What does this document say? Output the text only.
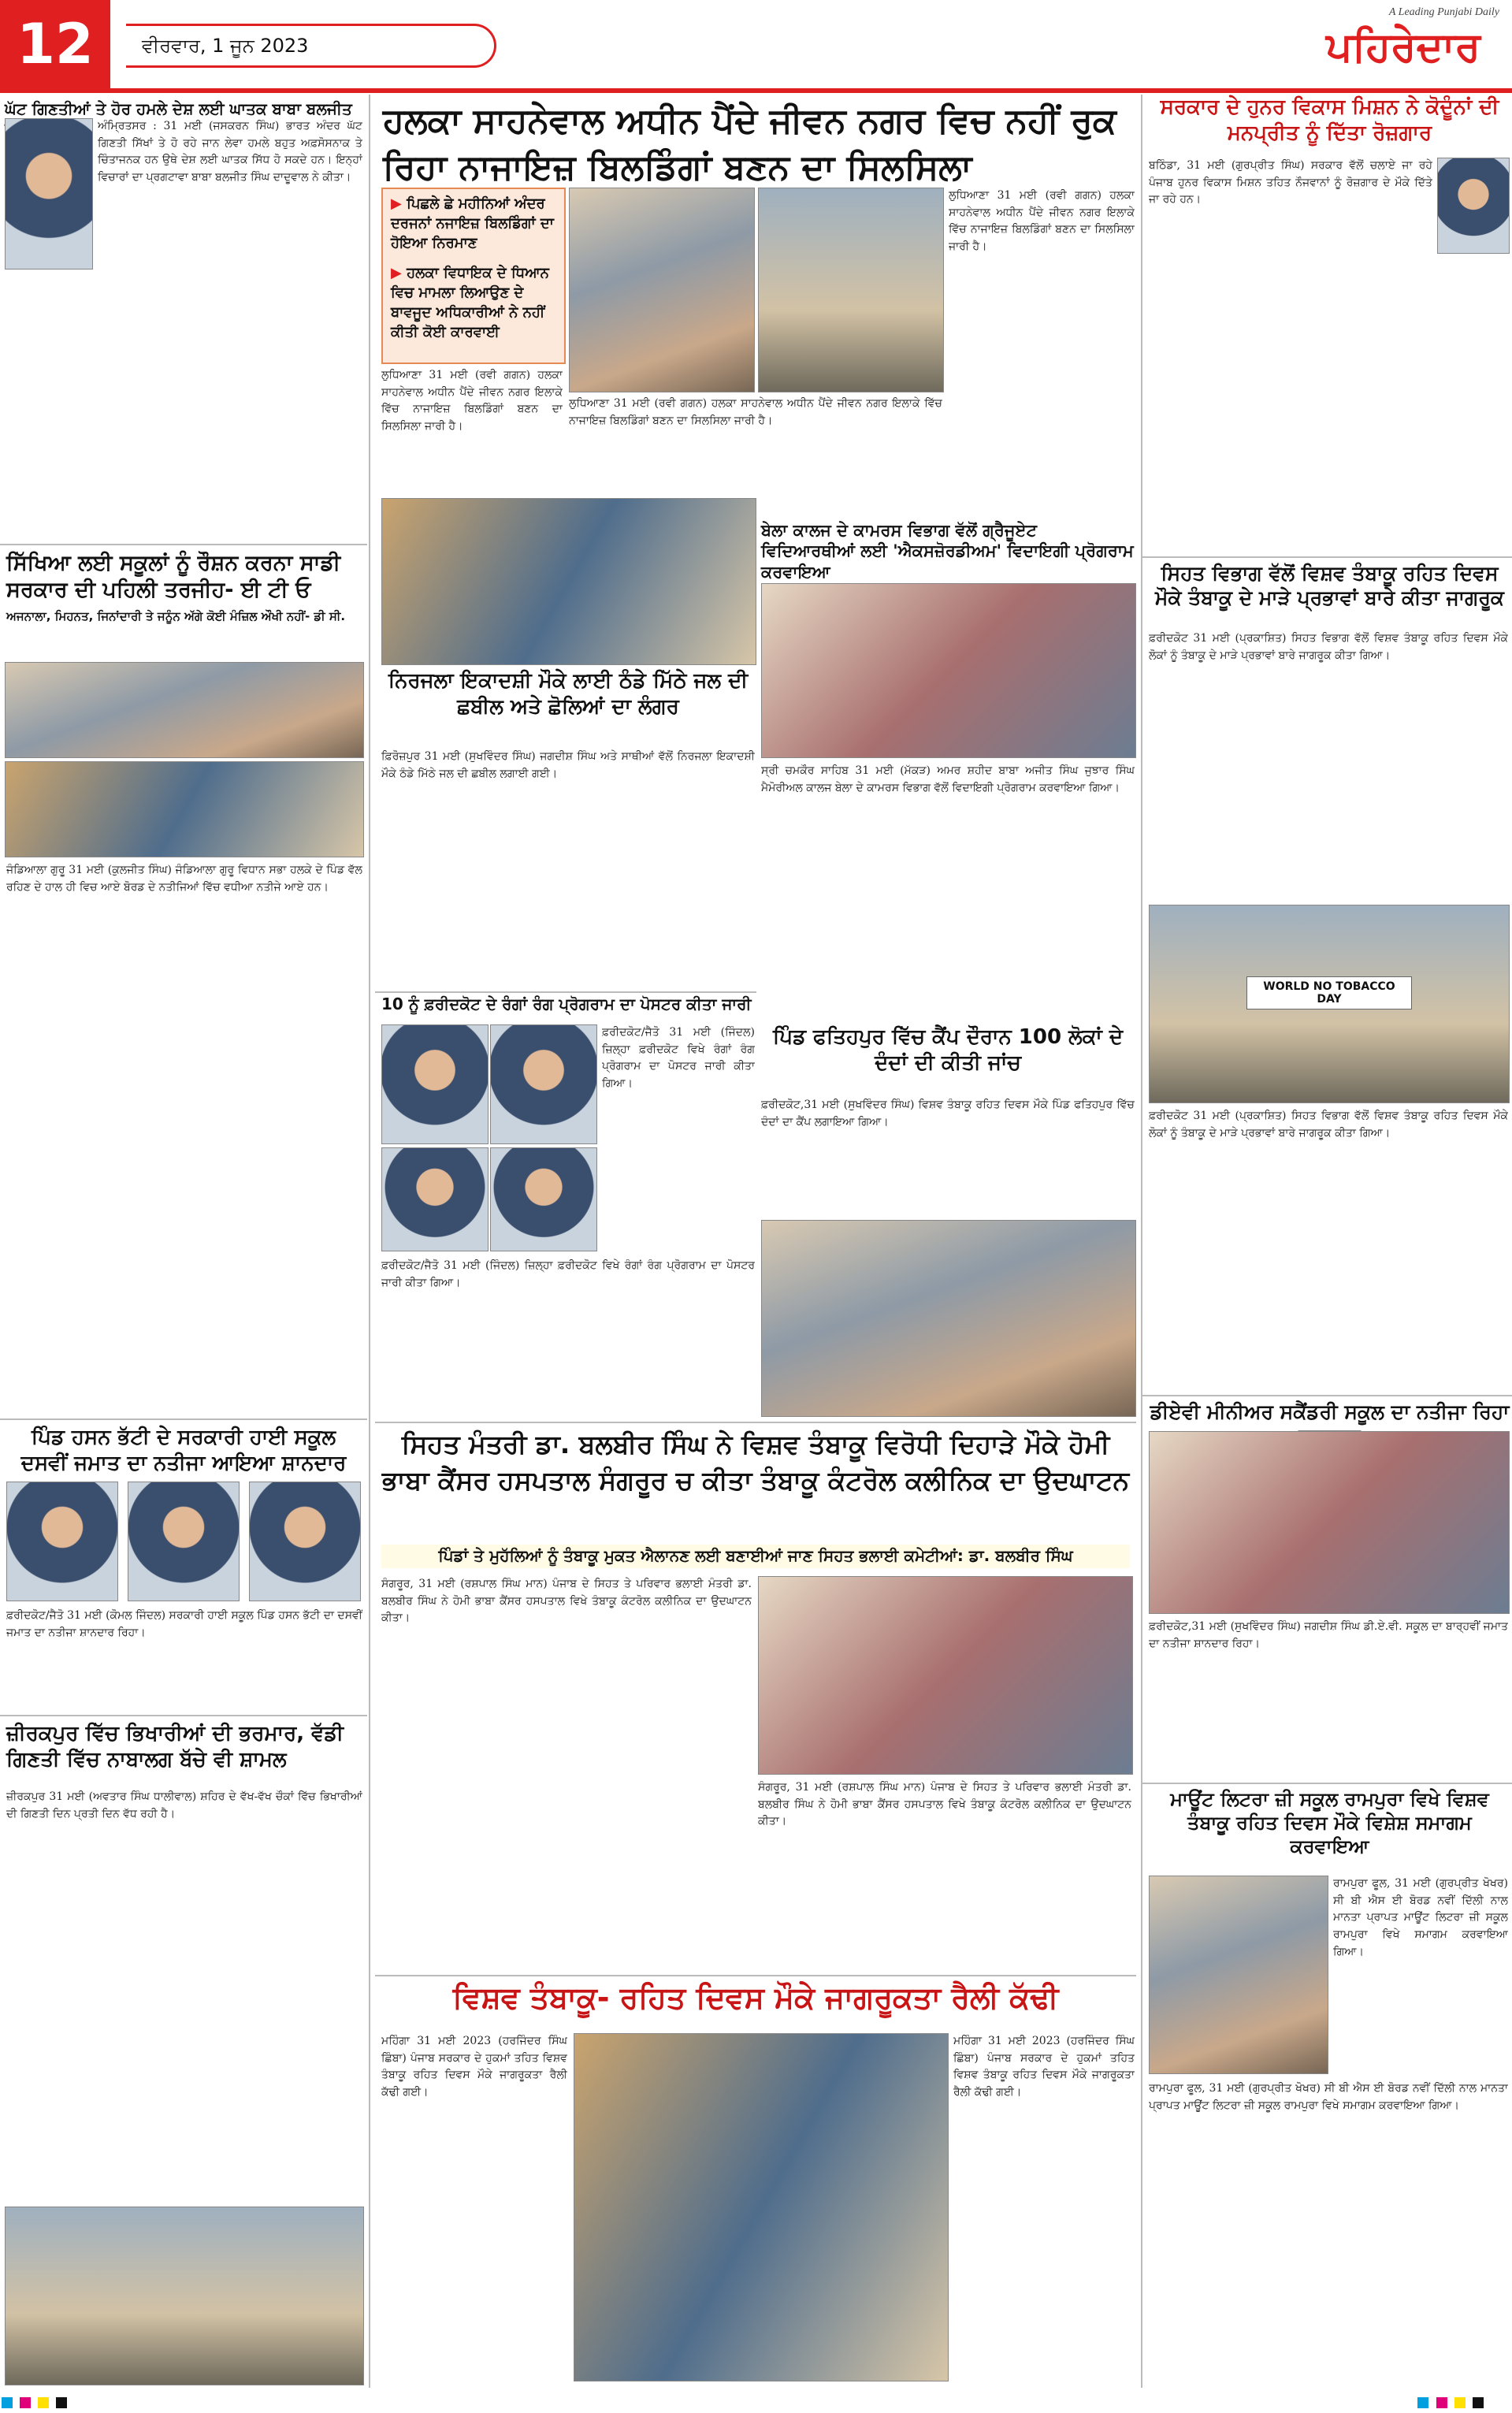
12	ਵੀਰਵਾਰ, 1 ਜੂਨ 2023
A Leading Punjabi Daily
ਪਹਿਰੇਦਾਰ
ਘੱਟ ਗਿਣਤੀਆਂ ਤੇ ਹੋਰ ਹਮਲੇ ਦੇਸ਼ ਲਈ ਘਾਤਕ ਬਾਬਾ ਬਲਜੀਤ
ਅੰਮ੍ਰਿਤਸਰ : 31 ਮਈ (ਜਸਕਰਨ ਸਿੰਘ) ਭਾਰਤ ਅੰਦਰ ਘੱਟ ਗਿਣਤੀ ਸਿੱਖਾਂ ਤੇ ਹੋ ਰਹੇ ਜਾਨ ਲੇਵਾ ਹਮਲੇ ਬਹੁਤ ਅਫ਼ਸੋਸਨਾਕ ਤੇ ਚਿੰਤਾਜਨਕ ਹਨ ਉਥੇ ਦੇਸ਼ ਲਈ ਘਾਤਕ ਸਿੱਧ ਹੋ ਸਕਦੇ ਹਨ। ਇਨ੍ਹਾਂ ਵਿਚਾਰਾਂ ਦਾ ਪ੍ਰਗਟਾਵਾ ਬਾਬਾ ਬਲਜੀਤ ਸਿੰਘ ਦਾਦੂਵਾਲ ਨੇ ਕੀਤਾ।
ਸਿੱਖਿਆ ਲਈ ਸਕੂਲਾਂ ਨੂੰ ਰੌਸ਼ਨ ਕਰਨਾ ਸਾਡੀ ਸਰਕਾਰ ਦੀ ਪਹਿਲੀ ਤਰਜੀਹ- ਈ ਟੀ ਓ
ਅਜਨਾਲਾ, ਮਿਹਨਤ, ਜਿਨਾਂਦਾਰੀ ਤੇ ਜਨੂੰਨ ਅੱਗੇ ਕੋਈ ਮੰਜ਼ਿਲ ਔਖੀ ਨਹੀਂ- ਡੀ ਸੀ.
ਜੰਡਿਆਲਾ ਗੁਰੂ 31 ਮਈ (ਕੁਲਜੀਤ ਸਿੰਘ) ਜੰਡਿਆਲਾ ਗੁਰੂ ਵਿਧਾਨ ਸਭਾ ਹਲਕੇ ਦੇ ਪਿੰਡ ਵੱਲ ਰਹਿਣ ਦੇ ਹਾਲ ਹੀ ਵਿਚ ਆਏ ਬੋਰਡ ਦੇ ਨਤੀਜਿਆਂ ਵਿੱਚ ਵਧੀਆ ਨਤੀਜੇ ਆਏ ਹਨ।
ਪਿੰਡ ਹਸਨ ਭੱਟੀ ਦੇ ਸਰਕਾਰੀ ਹਾਈ ਸਕੂਲ ਦਸਵੀਂ ਜਮਾਤ ਦਾ ਨਤੀਜਾ ਆਇਆ ਸ਼ਾਨਦਾਰ
ਫ਼ਰੀਦਕੋਟ/ਜੈਤੋ 31 ਮਈ (ਕੋਮਲ ਜਿੰਦਲ) ਸਰਕਾਰੀ ਹਾਈ ਸਕੂਲ ਪਿੰਡ ਹਸਨ ਭੱਟੀ ਦਾ ਦਸਵੀਂ ਜਮਾਤ ਦਾ ਨਤੀਜਾ ਸ਼ਾਨਦਾਰ ਰਿਹਾ।
ਜ਼ੀਰਕਪੁਰ ਵਿੱਚ ਭਿਖਾਰੀਆਂ ਦੀ ਭਰਮਾਰ, ਵੱਡੀ ਗਿਣਤੀ ਵਿੱਚ ਨਾਬਾਲਗ ਬੱਚੇ ਵੀ ਸ਼ਾਮਲ
ਜ਼ੀਰਕਪੁਰ 31 ਮਈ (ਅਵਤਾਰ ਸਿੰਘ ਧਾਲੀਵਾਲ) ਸ਼ਹਿਰ ਦੇ ਵੱਖ-ਵੱਖ ਚੌਕਾਂ ਵਿੱਚ ਭਿਖਾਰੀਆਂ ਦੀ ਗਿਣਤੀ ਦਿਨ ਪ੍ਰਤੀ ਦਿਨ ਵੱਧ ਰਹੀ ਹੈ।
ਹਲਕਾ ਸਾਹਨੇਵਾਲ ਅਧੀਨ ਪੈਂਦੇ ਜੀਵਨ ਨਗਰ ਵਿਚ ਨਹੀਂ ਰੁਕ ਰਿਹਾ ਨਾਜਾਇਜ਼ ਬਿਲਡਿੰਗਾਂ ਬਣਨ ਦਾ ਸਿਲਸਿਲਾ
▶ ਪਿਛਲੇ ਛੇ ਮਹੀਨਿਆਂ ਅੰਦਰ ਦਰਜਨਾਂ ਨਜਾਇਜ਼ ਬਿਲਡਿੰਗਾਂ ਦਾ ਹੋਇਆ ਨਿਰਮਾਣ
▶ ਹਲਕਾ ਵਿਧਾਇਕ ਦੇ ਧਿਆਨ ਵਿਚ ਮਾਮਲਾ ਲਿਆਉਣ ਦੇ ਬਾਵਜੂਦ ਅਧਿਕਾਰੀਆਂ ਨੇ ਨਹੀਂ ਕੀਤੀ ਕੋਈ ਕਾਰਵਾਈ
ਲੁਧਿਆਣਾ 31 ਮਈ (ਰਵੀ ਗਗਨ) ਹਲਕਾ ਸਾਹਨੇਵਾਲ ਅਧੀਨ ਪੈਂਦੇ ਜੀਵਨ ਨਗਰ ਇਲਾਕੇ ਵਿੱਚ ਨਾਜਾਇਜ਼ ਬਿਲਡਿੰਗਾਂ ਬਣਨ ਦਾ ਸਿਲਸਿਲਾ ਜਾਰੀ ਹੈ।
ਲੁਧਿਆਣਾ 31 ਮਈ (ਰਵੀ ਗਗਨ) ਹਲਕਾ ਸਾਹਨੇਵਾਲ ਅਧੀਨ ਪੈਂਦੇ ਜੀਵਨ ਨਗਰ ਇਲਾਕੇ ਵਿੱਚ ਨਾਜਾਇਜ਼ ਬਿਲਡਿੰਗਾਂ ਬਣਨ ਦਾ ਸਿਲਸਿਲਾ ਜਾਰੀ ਹੈ।
ਲੁਧਿਆਣਾ 31 ਮਈ (ਰਵੀ ਗਗਨ) ਹਲਕਾ ਸਾਹਨੇਵਾਲ ਅਧੀਨ ਪੈਂਦੇ ਜੀਵਨ ਨਗਰ ਇਲਾਕੇ ਵਿੱਚ ਨਾਜਾਇਜ਼ ਬਿਲਡਿੰਗਾਂ ਬਣਨ ਦਾ ਸਿਲਸਿਲਾ ਜਾਰੀ ਹੈ।
ਨਿਰਜਲਾ ਇਕਾਦਸ਼ੀ ਮੌਕੇ ਲਾਈ ਠੰਡੇ ਮਿੱਠੇ ਜਲ ਦੀ ਛਬੀਲ ਅਤੇ ਛੋਲਿਆਂ ਦਾ ਲੰਗਰ
ਫ਼ਿਰੋਜ਼ਪੁਰ 31 ਮਈ (ਸੁਖਵਿੰਦਰ ਸਿੰਘ) ਜਗਦੀਸ਼ ਸਿੰਘ ਅਤੇ ਸਾਥੀਆਂ ਵੱਲੋਂ ਨਿਰਜਲਾ ਇਕਾਦਸ਼ੀ ਮੌਕੇ ਠੰਡੇ ਮਿੱਠੇ ਜਲ ਦੀ ਛਬੀਲ ਲਗਾਈ ਗਈ।
ਬੇਲਾ ਕਾਲਜ ਦੇ ਕਾਮਰਸ ਵਿਭਾਗ ਵੱਲੋਂ ਗ੍ਰੈਜੂਏਟ ਵਿਦਿਆਰਥੀਆਂ ਲਈ 'ਐਕਸਜ਼ੋਰਡੀਅਮ' ਵਿਦਾਇਗੀ ਪ੍ਰੋਗਰਾਮ ਕਰਵਾਇਆ
ਸ੍ਰੀ ਚਮਕੌਰ ਸਾਹਿਬ 31 ਮਈ (ਮੱਕੜ) ਅਮਰ ਸ਼ਹੀਦ ਬਾਬਾ ਅਜੀਤ ਸਿੰਘ ਜੁਝਾਰ ਸਿੰਘ ਮੈਮੋਰੀਅਲ ਕਾਲਜ ਬੇਲਾ ਦੇ ਕਾਮਰਸ ਵਿਭਾਗ ਵੱਲੋਂ ਵਿਦਾਇਗੀ ਪ੍ਰੋਗਰਾਮ ਕਰਵਾਇਆ ਗਿਆ।
10 ਨੂੰ ਫ਼ਰੀਦਕੋਟ ਦੇ ਰੰਗਾਂ ਰੰਗ ਪ੍ਰੋਗਰਾਮ ਦਾ ਪੋਸਟਰ ਕੀਤਾ ਜਾਰੀ
ਫ਼ਰੀਦਕੋਟ/ਜੈਤੋ 31 ਮਈ (ਜਿੰਦਲ) ਜ਼ਿਲ੍ਹਾ ਫ਼ਰੀਦਕੋਟ ਵਿਖੇ ਰੰਗਾਂ ਰੰਗ ਪ੍ਰੋਗਰਾਮ ਦਾ ਪੋਸਟਰ ਜਾਰੀ ਕੀਤਾ ਗਿਆ।
ਫ਼ਰੀਦਕੋਟ/ਜੈਤੋ 31 ਮਈ (ਜਿੰਦਲ) ਜ਼ਿਲ੍ਹਾ ਫ਼ਰੀਦਕੋਟ ਵਿਖੇ ਰੰਗਾਂ ਰੰਗ ਪ੍ਰੋਗਰਾਮ ਦਾ ਪੋਸਟਰ ਜਾਰੀ ਕੀਤਾ ਗਿਆ।
ਪਿੰਡ ਫਤਿਹਪੁਰ ਵਿੱਚ ਕੈਂਪ ਦੌਰਾਨ 100 ਲੋਕਾਂ ਦੇ ਦੰਦਾਂ ਦੀ ਕੀਤੀ ਜਾਂਚ
ਫ਼ਰੀਦਕੋਟ,31 ਮਈ (ਸੁਖਵਿੰਦਰ ਸਿੰਘ) ਵਿਸ਼ਵ ਤੰਬਾਕੂ ਰਹਿਤ ਦਿਵਸ ਮੌਕੇ ਪਿੰਡ ਫਤਿਹਪੁਰ ਵਿੱਚ ਦੰਦਾਂ ਦਾ ਕੈਂਪ ਲਗਾਇਆ ਗਿਆ।
ਸਿਹਤ ਮੰਤਰੀ ਡਾ. ਬਲਬੀਰ ਸਿੰਘ ਨੇ ਵਿਸ਼ਵ ਤੰਬਾਕੂ ਵਿਰੋਧੀ ਦਿਹਾੜੇ ਮੌਕੇ ਹੋਮੀ ਭਾਬਾ ਕੈਂਸਰ ਹਸਪਤਾਲ ਸੰਗਰੂਰ ਚ ਕੀਤਾ ਤੰਬਾਕੂ ਕੰਟਰੋਲ ਕਲੀਨਿਕ ਦਾ ਉਦਘਾਟਨ
ਪਿੰਡਾਂ ਤੇ ਮੁਹੱਲਿਆਂ ਨੂੰ ਤੰਬਾਕੂ ਮੁਕਤ ਐਲਾਨਣ ਲਈ ਬਣਾਈਆਂ ਜਾਣ ਸਿਹਤ ਭਲਾਈ ਕਮੇਟੀਆਂ: ਡਾ. ਬਲਬੀਰ ਸਿੰਘ
ਸੰਗਰੂਰ, 31 ਮਈ (ਰਸ਼ਪਾਲ ਸਿੰਘ ਮਾਨ) ਪੰਜਾਬ ਦੇ ਸਿਹਤ ਤੇ ਪਰਿਵਾਰ ਭਲਾਈ ਮੰਤਰੀ ਡਾ. ਬਲਬੀਰ ਸਿੰਘ ਨੇ ਹੋਮੀ ਭਾਬਾ ਕੈਂਸਰ ਹਸਪਤਾਲ ਵਿਖੇ ਤੰਬਾਕੂ ਕੰਟਰੋਲ ਕਲੀਨਿਕ ਦਾ ਉਦਘਾਟਨ ਕੀਤਾ।
ਸੰਗਰੂਰ, 31 ਮਈ (ਰਸ਼ਪਾਲ ਸਿੰਘ ਮਾਨ) ਪੰਜਾਬ ਦੇ ਸਿਹਤ ਤੇ ਪਰਿਵਾਰ ਭਲਾਈ ਮੰਤਰੀ ਡਾ. ਬਲਬੀਰ ਸਿੰਘ ਨੇ ਹੋਮੀ ਭਾਬਾ ਕੈਂਸਰ ਹਸਪਤਾਲ ਵਿਖੇ ਤੰਬਾਕੂ ਕੰਟਰੋਲ ਕਲੀਨਿਕ ਦਾ ਉਦਘਾਟਨ ਕੀਤਾ।
ਵਿਸ਼ਵ ਤੰਬਾਕੂ- ਰਹਿਤ ਦਿਵਸ ਮੌਕੇ ਜਾਗਰੂਕਤਾ ਰੈਲੀ ਕੱਢੀ
ਮਹਿੰਗਾ 31 ਮਈ 2023 (ਹਰਜਿੰਦਰ ਸਿੰਘ ਛਿੰਬਾ) ਪੰਜਾਬ ਸਰਕਾਰ ਦੇ ਹੁਕਮਾਂ ਤਹਿਤ ਵਿਸ਼ਵ ਤੰਬਾਕੂ ਰਹਿਤ ਦਿਵਸ ਮੌਕੇ ਜਾਗਰੂਕਤਾ ਰੈਲੀ ਕੱਢੀ ਗਈ।
ਮਹਿੰਗਾ 31 ਮਈ 2023 (ਹਰਜਿੰਦਰ ਸਿੰਘ ਛਿੰਬਾ) ਪੰਜਾਬ ਸਰਕਾਰ ਦੇ ਹੁਕਮਾਂ ਤਹਿਤ ਵਿਸ਼ਵ ਤੰਬਾਕੂ ਰਹਿਤ ਦਿਵਸ ਮੌਕੇ ਜਾਗਰੂਕਤਾ ਰੈਲੀ ਕੱਢੀ ਗਈ।
ਸਰਕਾਰ ਦੇ ਹੁਨਰ ਵਿਕਾਸ ਮਿਸ਼ਨ ਨੇ ਕੋਦੂੰਨਾਂ ਦੀ ਮਨਪ੍ਰੀਤ ਨੂੰ ਦਿੱਤਾ ਰੋਜ਼ਗਾਰ
ਬਠਿੰਡਾ, 31 ਮਈ (ਗੁਰਪ੍ਰੀਤ ਸਿੰਘ) ਸਰਕਾਰ ਵੱਲੋਂ ਚਲਾਏ ਜਾ ਰਹੇ ਪੰਜਾਬ ਹੁਨਰ ਵਿਕਾਸ ਮਿਸ਼ਨ ਤਹਿਤ ਨੌਜਵਾਨਾਂ ਨੂੰ ਰੋਜ਼ਗਾਰ ਦੇ ਮੌਕੇ ਦਿੱਤੇ ਜਾ ਰਹੇ ਹਨ।
ਸਿਹਤ ਵਿਭਾਗ ਵੱਲੋਂ ਵਿਸ਼ਵ ਤੰਬਾਕੂ ਰਹਿਤ ਦਿਵਸ ਮੌਕੇ ਤੰਬਾਕੂ ਦੇ ਮਾੜੇ ਪ੍ਰਭਾਵਾਂ ਬਾਰੇ ਕੀਤਾ ਜਾਗਰੂਕ
ਫ਼ਰੀਦਕੋਟ 31 ਮਈ (ਪ੍ਰਕਾਸ਼ਿਤ) ਸਿਹਤ ਵਿਭਾਗ ਵੱਲੋਂ ਵਿਸ਼ਵ ਤੰਬਾਕੂ ਰਹਿਤ ਦਿਵਸ ਮੌਕੇ ਲੋਕਾਂ ਨੂੰ ਤੰਬਾਕੂ ਦੇ ਮਾੜੇ ਪ੍ਰਭਾਵਾਂ ਬਾਰੇ ਜਾਗਰੂਕ ਕੀਤਾ ਗਿਆ।
WORLD NO TOBACCO DAY
ਫ਼ਰੀਦਕੋਟ 31 ਮਈ (ਪ੍ਰਕਾਸ਼ਿਤ) ਸਿਹਤ ਵਿਭਾਗ ਵੱਲੋਂ ਵਿਸ਼ਵ ਤੰਬਾਕੂ ਰਹਿਤ ਦਿਵਸ ਮੌਕੇ ਲੋਕਾਂ ਨੂੰ ਤੰਬਾਕੂ ਦੇ ਮਾੜੇ ਪ੍ਰਭਾਵਾਂ ਬਾਰੇ ਜਾਗਰੂਕ ਕੀਤਾ ਗਿਆ।
ਡੀਏਵੀ ਮੀਨੀਅਰ ਸਕੈਂਡਰੀ ਸਕੂਲ ਦਾ ਨਤੀਜਾ ਰਿਹਾ
ਫ਼ਰੀਦਕੋਟ,31 ਮਈ (ਸੁਖਵਿੰਦਰ ਸਿੰਘ) ਜਗਦੀਸ਼ ਸਿੰਘ ਡੀ.ਏ.ਵੀ. ਸਕੂਲ ਦਾ ਬਾਰ੍ਹਵੀਂ ਜਮਾਤ ਦਾ ਨਤੀਜਾ ਸ਼ਾਨਦਾਰ ਰਿਹਾ।
ਮਾਊਂਟ ਲਿਟਰਾ ਜ਼ੀ ਸਕੂਲ ਰਾਮਪੁਰਾ ਵਿਖੇ ਵਿਸ਼ਵ ਤੰਬਾਕੂ ਰਹਿਤ ਦਿਵਸ ਮੌਕੇ ਵਿਸ਼ੇਸ਼ ਸਮਾਗਮ ਕਰਵਾਇਆ
ਰਾਮਪੁਰਾ ਫੂਲ, 31 ਮਈ (ਗੁਰਪ੍ਰੀਤ ਖੋਖਰ) ਸੀ ਬੀ ਐਸ ਈ ਬੋਰਡ ਨਵੀਂ ਦਿੱਲੀ ਨਾਲ ਮਾਨਤਾ ਪ੍ਰਾਪਤ ਮਾਊਂਟ ਲਿਟਰਾ ਜ਼ੀ ਸਕੂਲ ਰਾਮਪੁਰਾ ਵਿਖੇ ਸਮਾਗਮ ਕਰਵਾਇਆ ਗਿਆ।
ਰਾਮਪੁਰਾ ਫੂਲ, 31 ਮਈ (ਗੁਰਪ੍ਰੀਤ ਖੋਖਰ) ਸੀ ਬੀ ਐਸ ਈ ਬੋਰਡ ਨਵੀਂ ਦਿੱਲੀ ਨਾਲ ਮਾਨਤਾ ਪ੍ਰਾਪਤ ਮਾਊਂਟ ਲਿਟਰਾ ਜ਼ੀ ਸਕੂਲ ਰਾਮਪੁਰਾ ਵਿਖੇ ਸਮਾਗਮ ਕਰਵਾਇਆ ਗਿਆ।
